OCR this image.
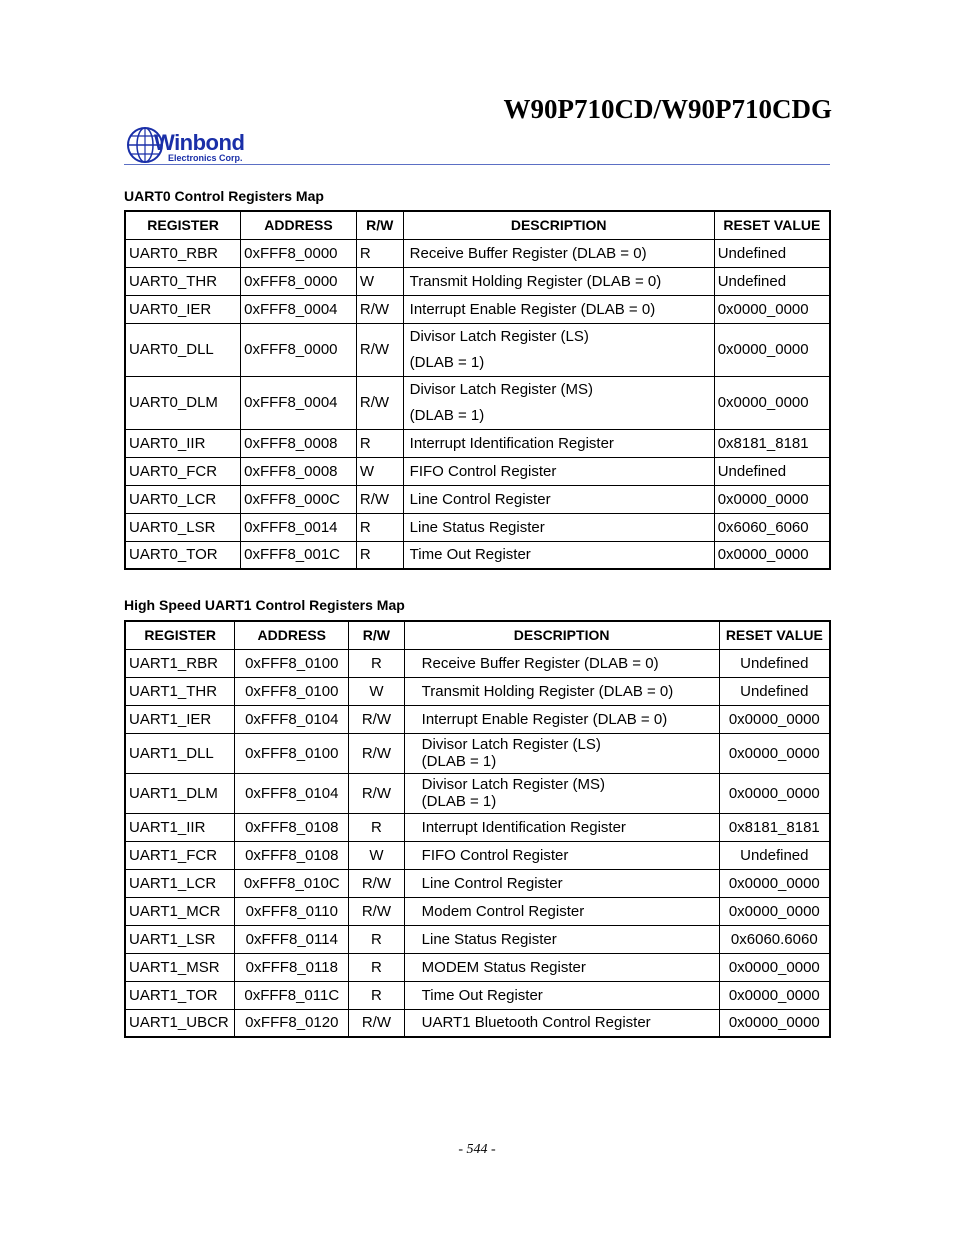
W90P710CD/W90P710CDG
Winbond
Electronics Corp.
UART0 Control Registers Map
REGISTER	ADDRESS	R/W	DESCRIPTION	RESET VALUE
UART0_RBR	0xFFF8_0000	R	Receive Buffer Register (DLAB = 0)	Undefined
UART0_THR	0xFFF8_0000	W	Transmit Holding Register (DLAB = 0)	Undefined
UART0_IER	0xFFF8_0004	R/W	Interrupt Enable Register (DLAB = 0)	0x0000_0000
UART0_DLL	0xFFF8_0000	R/W	Divisor Latch Register (LS)
(DLAB = 1)	0x0000_0000
UART0_DLM	0xFFF8_0004	R/W	Divisor Latch Register (MS)
(DLAB = 1)	0x0000_0000
UART0_IIR	0xFFF8_0008	R	Interrupt Identification Register	0x8181_8181
UART0_FCR	0xFFF8_0008	W	FIFO Control Register	Undefined
UART0_LCR	0xFFF8_000C	R/W	Line Control Register	0x0000_0000
UART0_LSR	0xFFF8_0014	R	Line Status Register	0x6060_6060
UART0_TOR	0xFFF8_001C	R	Time Out Register	0x0000_0000
High Speed UART1 Control Registers Map
REGISTER	ADDRESS	R/W	DESCRIPTION	RESET VALUE
UART1_RBR	0xFFF8_0100	R	Receive Buffer Register (DLAB = 0)	Undefined
UART1_THR	0xFFF8_0100	W	Transmit Holding Register (DLAB = 0)	Undefined
UART1_IER	0xFFF8_0104	R/W	Interrupt Enable Register (DLAB = 0)	0x0000_0000
UART1_DLL	0xFFF8_0100	R/W	Divisor Latch Register (LS)
(DLAB = 1)	0x0000_0000
UART1_DLM	0xFFF8_0104	R/W	Divisor Latch Register (MS)
(DLAB = 1)	0x0000_0000
UART1_IIR	0xFFF8_0108	R	Interrupt Identification Register	0x8181_8181
UART1_FCR	0xFFF8_0108	W	FIFO Control Register	Undefined
UART1_LCR	0xFFF8_010C	R/W	Line Control Register	0x0000_0000
UART1_MCR	0xFFF8_0110	R/W	Modem Control Register	0x0000_0000
UART1_LSR	0xFFF8_0114	R	Line Status Register	0x6060.6060
UART1_MSR	0xFFF8_0118	R	MODEM Status Register	0x0000_0000
UART1_TOR	0xFFF8_011C	R	Time Out Register	0x0000_0000
UART1_UBCR	0xFFF8_0120	R/W	UART1 Bluetooth Control Register	0x0000_0000
- 544 -
